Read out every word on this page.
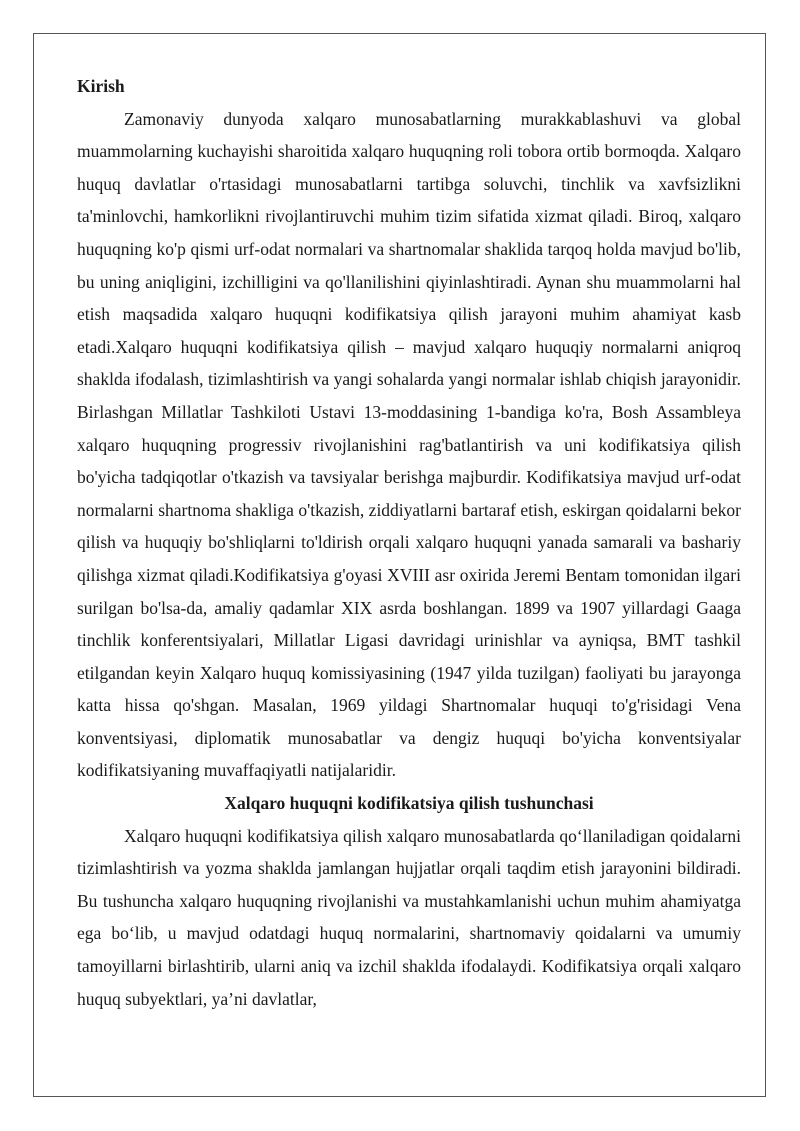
Kirish

Zamonaviy dunyoda xalqaro munosabatlarning murakkablashuvi va global muammolarning kuchayishi sharoitida xalqaro huquqning roli tobora ortib bormoqda. Xalqaro huquq davlatlar o'rtasidagi munosabatlarni tartibga soluvchi, tinchlik va xavfsizlikni ta'minlovchi, hamkorlikni rivojlantiruvchi muhim tizim sifatida xizmat qiladi. Biroq, xalqaro huquqning ko'p qismi urf-odat normalari va shartnomalar shaklida tarqoq holda mavjud bo'lib, bu uning aniqligini, izchilligini va qo'llanilishini qiyinlashtiradi. Aynan shu muammolarni hal etish maqsadida xalqaro huquqni kodifikatsiya qilish jarayoni muhim ahamiyat kasb etadi.Xalqaro huquqni kodifikatsiya qilish – mavjud xalqaro huquqiy normalarni aniqroq shaklda ifodalash, tizimlashtirish va yangi sohalarda yangi normalar ishlab chiqish jarayonidir. Birlashgan Millatlar Tashkiloti Ustavi 13-moddasining 1-bandiga ko'ra, Bosh Assambleya xalqaro huquqning progressiv rivojlanishini rag'batlantirish va uni kodifikatsiya qilish bo'yicha tadqiqotlar o'tkazish va tavsiyalar berishga majburdir. Kodifikatsiya mavjud urf-odat normalarni shartnoma shakliga o'tkazish, ziddiyatlarni bartaraf etish, eskirgan qoidalarni bekor qilish va huquqiy bo'shliqlarni to'ldirish orqali xalqaro huquqni yanada samarali va bashariy qilishga xizmat qiladi.Kodifikatsiya g'oyasi XVIII asr oxirida Jeremi Bentam tomonidan ilgari surilgan bo'lsa-da, amaliy qadamlar XIX asrda boshlangan. 1899 va 1907 yillardagi Gaaga tinchlik konferentsiyalari, Millatlar Ligasi davridagi urinishlar va ayniqsa, BMT tashkil etilgandan keyin Xalqaro huquq komissiyasining (1947 yilda tuzilgan) faoliyati bu jarayonga katta hissa qo'shgan. Masalan, 1969 yildagi Shartnomalar huquqi to'g'risidagi Vena konventsiyasi, diplomatik munosabatlar va dengiz huquqi bo'yicha konventsiyalar kodifikatsiyaning muvaffaqiyatli natijalaridir.

Xalqaro huquqni kodifikatsiya qilish tushunchasi

Xalqaro huquqni kodifikatsiya qilish xalqaro munosabatlarda qo‘llaniladigan qoidalarni tizimlashtirish va yozma shaklda jamlangan hujjatlar orqali taqdim etish jarayonini bildiradi. Bu tushuncha xalqaro huquqning rivojlanishi va mustahkamlanishi uchun muhim ahamiyatga ega bo‘lib, u mavjud odatdagi huquq normalarini, shartnomaviy qoidalarni va umumiy tamoyillarni birlashtirib, ularni aniq va izchil shaklda ifodalaydi. Kodifikatsiya orqali xalqaro huquq subyektlari, ya’ni davlatlar,
